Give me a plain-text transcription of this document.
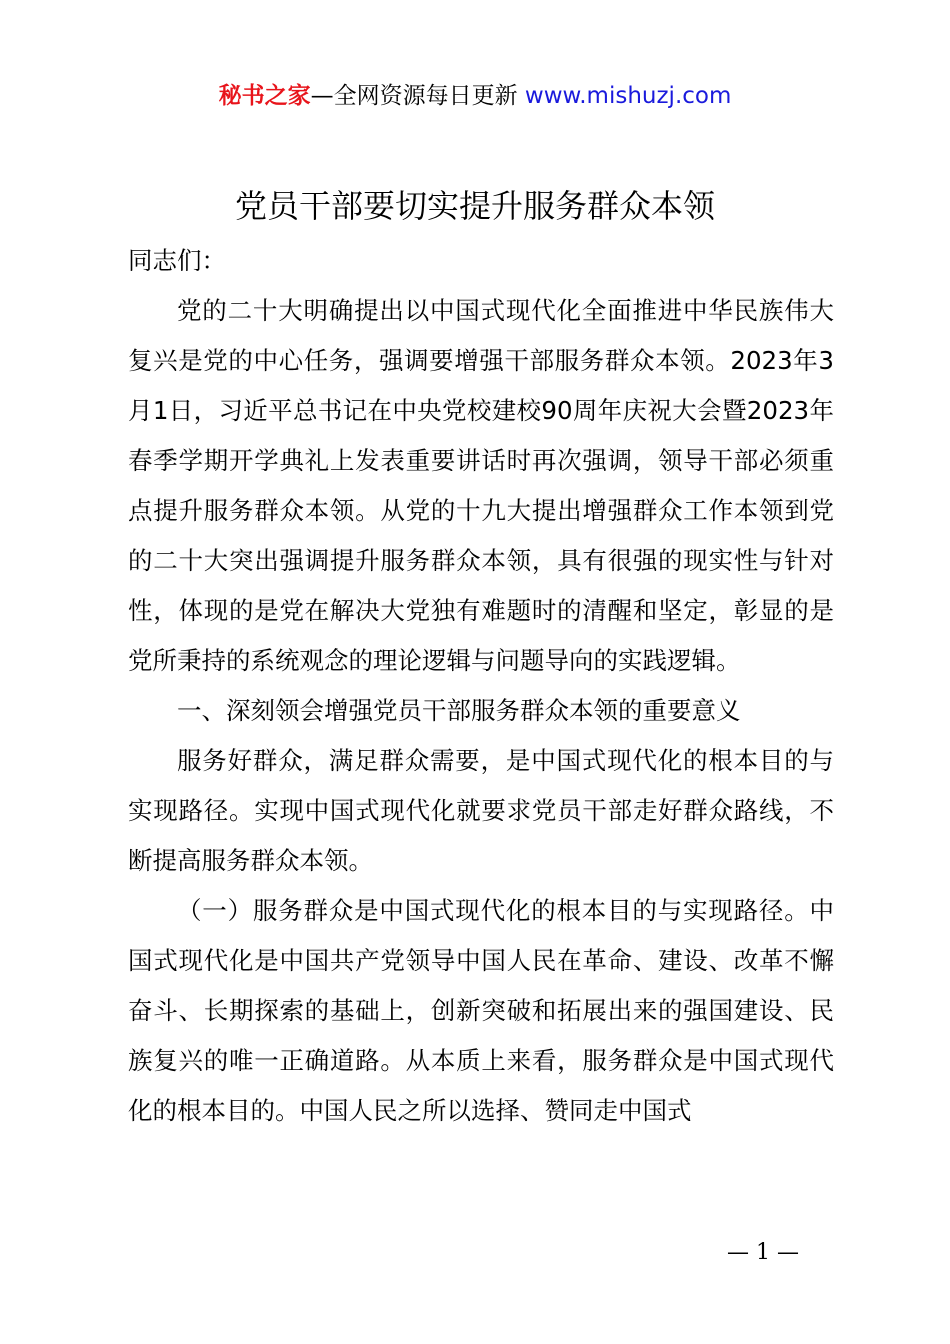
秘书之家—全网资源每日更新 www.mishuzj.com
党员干部要切实提升服务群众本领

同志们：

党的二十大明确提出以中国式现代化全面推进中华民族伟大复兴是党的中心任务，强调要增强干部服务群众本领。2023年3月1日，习近平总书记在中央党校建校90周年庆祝大会暨2023年春季学期开学典礼上发表重要讲话时再次强调，领导干部必须重点提升服务群众本领。从党的十九大提出增强群众工作本领到党的二十大突出强调提升服务群众本领，具有很强的现实性与针对性，体现的是党在解决大党独有难题时的清醒和坚定，彰显的是党所秉持的系统观念的理论逻辑与问题导向的实践逻辑。

一、深刻领会增强党员干部服务群众本领的重要意义

服务好群众，满足群众需要，是中国式现代化的根本目的与实现路径。实现中国式现代化就要求党员干部走好群众路线，不断提高服务群众本领。

（一）服务群众是中国式现代化的根本目的与实现路径。中国式现代化是中国共产党领导中国人民在革命、建设、改革不懈奋斗、长期探索的基础上，创新突破和拓展出来的强国建设、民族复兴的唯一正确道路。从本质上来看，服务群众是中国式现代化的根本目的。中国人民之所以选择、赞同走中国式

— 1 —
